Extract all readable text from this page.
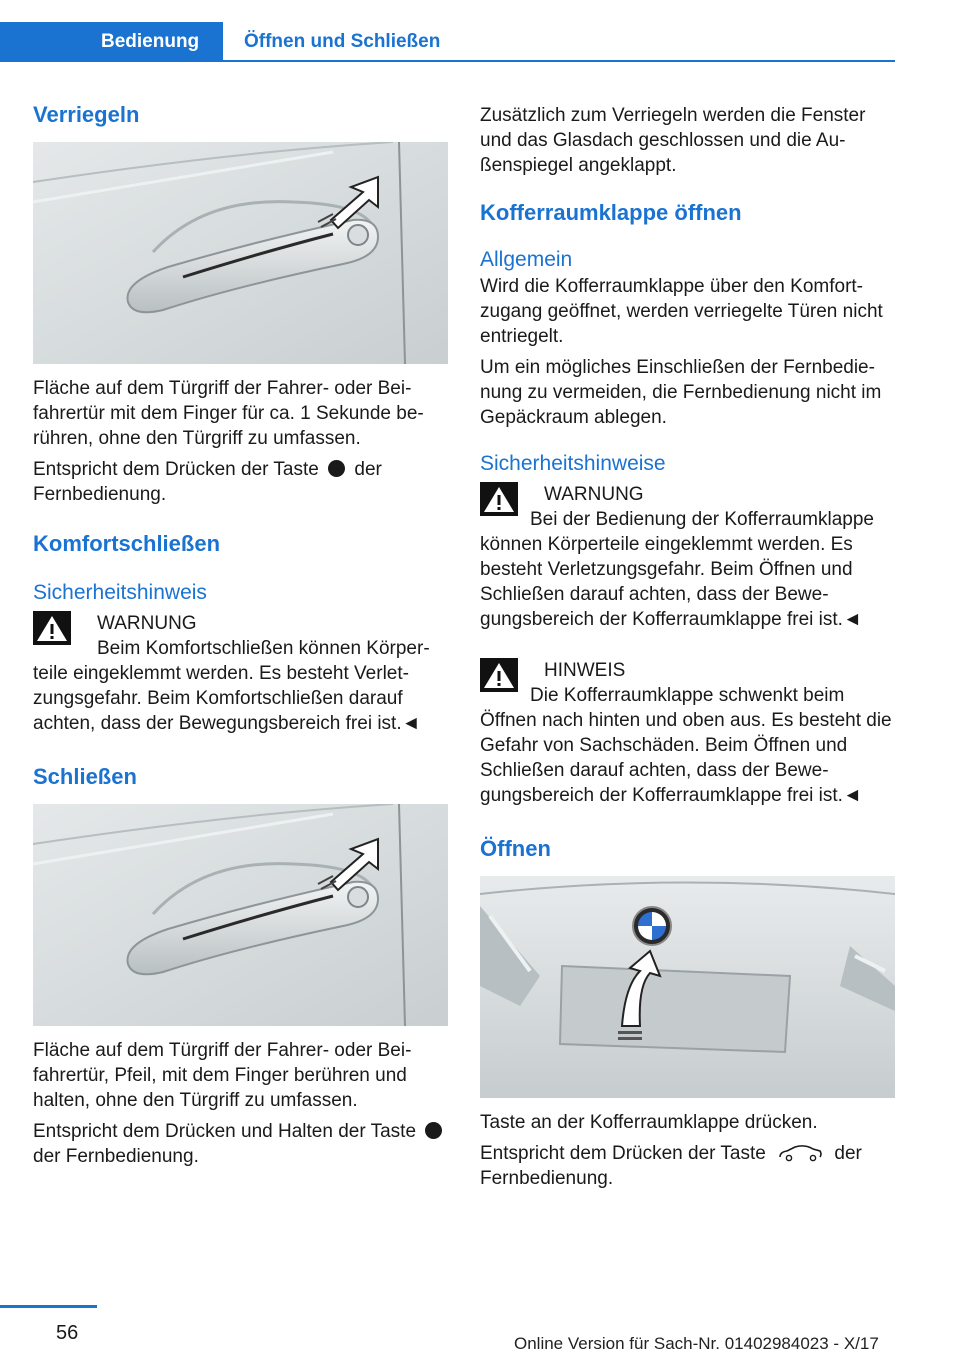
Bedienung	Öffnen und Schließen
Verriegeln

Fläche auf dem Türgriff der Fahrer- oder Beifahrertür mit dem Finger für ca. 1 Sekunde berühren, ohne den Türgriff zu umfassen.

Entspricht dem Drücken der Taste der Fernbedienung.

Komfortschließen
Sicherheitshinweis
WARNUNG
Beim Komfortschließen können Körperteile eingeklemmt werden. Es besteht Verletzungsgefahr. Beim Komfortschließen darauf achten, dass der Bewegungsbereich frei ist.◄
Schließen

Fläche auf dem Türgriff der Fahrer- oder Beifahrertür, Pfeil, mit dem Finger berühren und halten, ohne den Türgriff zu umfassen.

Entspricht dem Drücken und Halten der Taste  der Fernbedienung.

Zusätzlich zum Verriegeln werden die Fenster und das Glasdach geschlossen und die Außenspiegel angeklappt.

Kofferraumklappe öffnen
Allgemein

Wird die Kofferraumklappe über den Komfortzugang geöffnet, werden verriegelte Türen nicht entriegelt.

Um ein mögliches Einschließen der Fernbedienung zu vermeiden, die Fernbedienung nicht im Gepäckraum ablegen.

Sicherheitshinweise
WARNUNG
Bei der Bedienung der Kofferraumklappe können Körperteile eingeklemmt werden. Es besteht Verletzungsgefahr. Beim Öffnen und Schließen darauf achten, dass der Bewegungsbereich der Kofferraumklappe frei ist.◄
HINWEIS
Die Kofferraumklappe schwenkt beim Öffnen nach hinten und oben aus. Es besteht die Gefahr von Sachschäden. Beim Öffnen und Schließen darauf achten, dass der Bewegungsbereich der Kofferraumklappe frei ist.◄
Öffnen

Taste an der Kofferraumklappe drücken.

Entspricht dem Drücken der Taste	der Fernbedienung.

56	Online Version für Sach-Nr. 01402984023 - X/17
